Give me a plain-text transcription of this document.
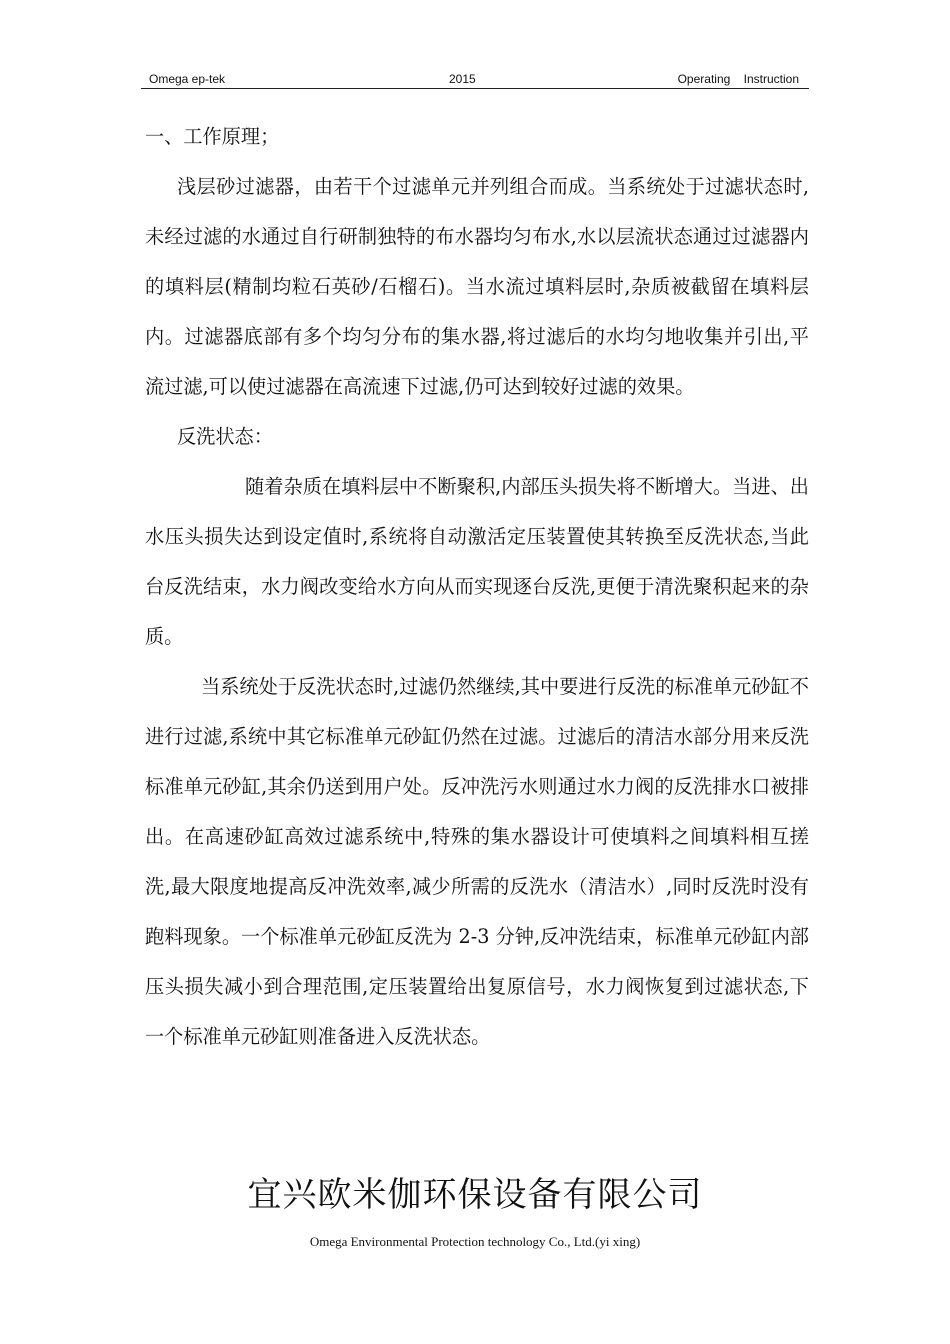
Omega ep-tek	2015	Operating    Instruction

一、工作原理；

浅层砂过滤器，由若干个过滤单元并列组合而成。当系统处于过滤状态时,未经过滤的水通过自行研制独特的布水器均匀布水,水以层流状态通过过滤器内的填料层(精制均粒石英砂/石榴石)。当水流过填料层时,杂质被截留在填料层内。过滤器底部有多个均匀分布的集水器,将过滤后的水均匀地收集并引出,平流过滤,可以使过滤器在高流速下过滤,仍可达到较好过滤的效果。

反洗状态：

随着杂质在填料层中不断聚积,内部压头损失将不断增大。当进、出水压头损失达到设定值时,系统将自动激活定压装置使其转换至反洗状态,当此台反洗结束，水力阀改变给水方向从而实现逐台反洗,更便于清洗聚积起来的杂质。

当系统处于反洗状态时,过滤仍然继续,其中要进行反洗的标准单元砂缸不进行过滤,系统中其它标准单元砂缸仍然在过滤。过滤后的清洁水部分用来反洗标准单元砂缸,其余仍送到用户处。反冲洗污水则通过水力阀的反洗排水口被排出。在高速砂缸高效过滤系统中,特殊的集水器设计可使填料之间填料相互搓洗,最大限度地提高反冲洗效率,减少所需的反洗水（清洁水）,同时反洗时没有跑料现象。一个标准单元砂缸反洗为 2-3 分钟,反冲洗结束，标准单元砂缸内部压头损失减小到合理范围,定压装置给出复原信号，水力阀恢复到过滤状态,下一个标准单元砂缸则准备进入反洗状态。

宜兴欧米伽环保设备有限公司
Omega Environmental Protection technology Co., Ltd.(yi xing)
